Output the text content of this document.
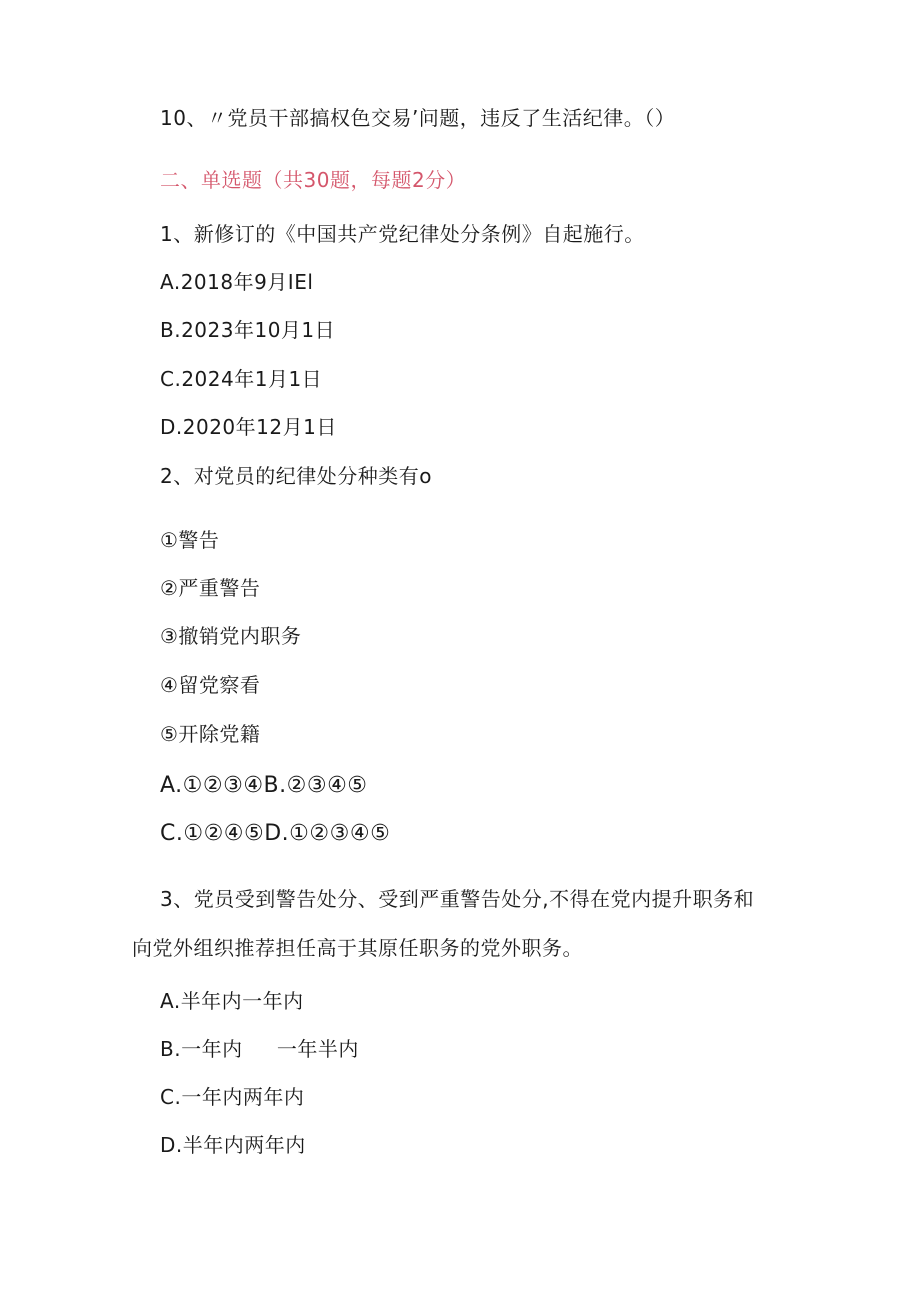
10、〃党员干部搞权色交易’问题，违反了生活纪律。（）
二、单选题（共30题，每题2分）
1、新修订的《中国共产党纪律处分条例》自起施行。
A.2018年9月IEl
B.2023年10月1日
C.2024年1月1日
D.2020年12月1日
2、对党员的纪律处分种类有o
①警告
②严重警告
③撤销党内职务
④留党察看
⑤开除党籍
A.①②③④B.②③④⑤
C.①②④⑤D.①②③④⑤
3、党员受到警告处分、受到严重警告处分,不得在党内提升职务和
向党外组织推荐担任高于其原任职务的党外职务。
A.半年内一年内
B.一年内     一年半内
C.一年内两年内
D.半年内两年内
